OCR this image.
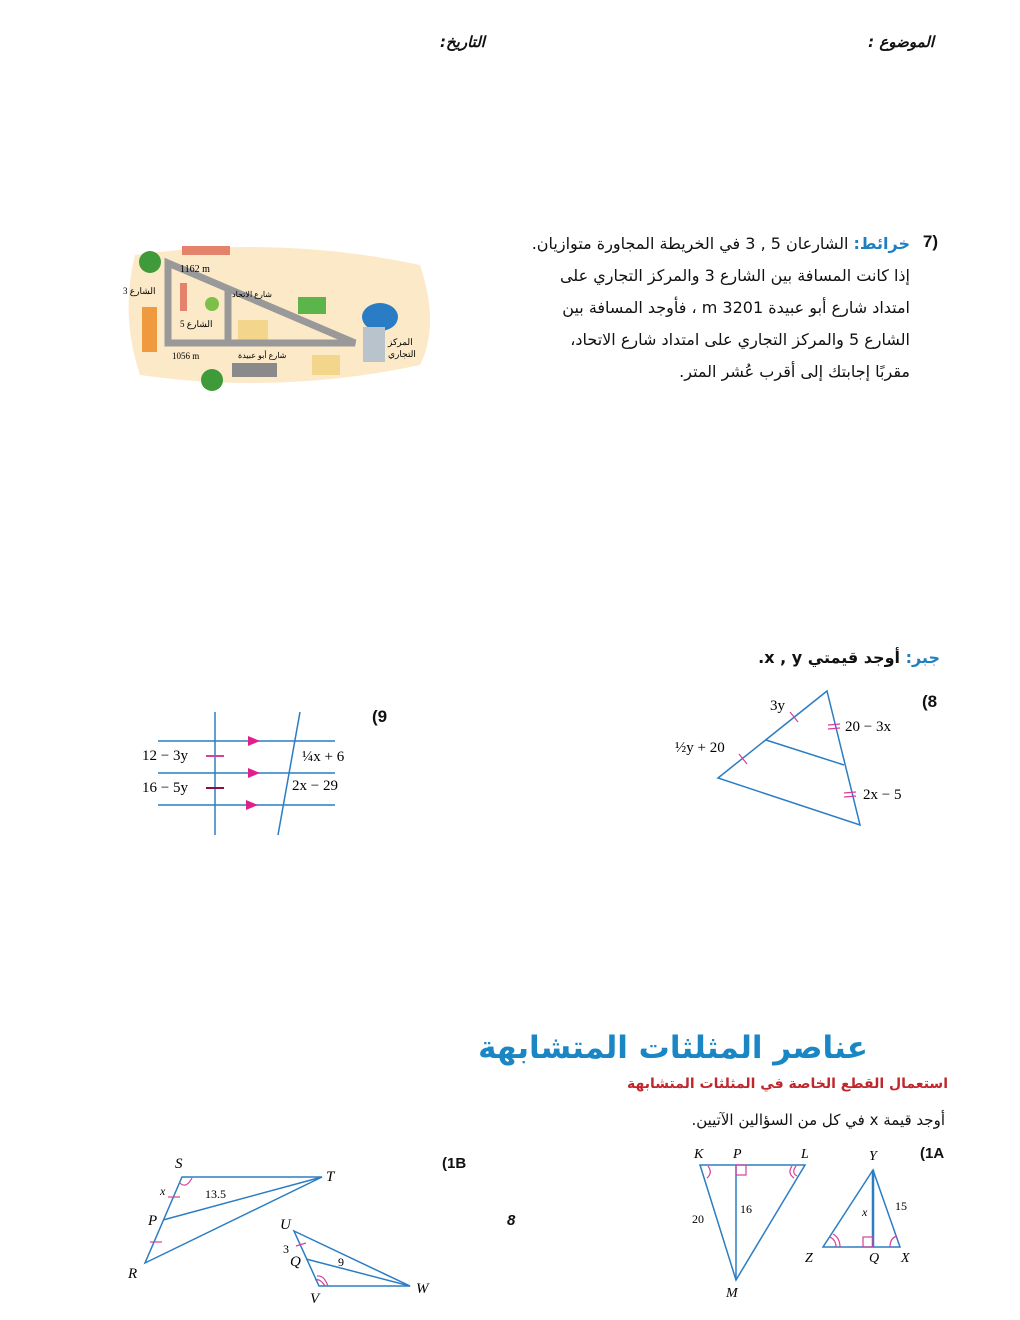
الموضوع :
التاريخ:
7)
خرائط: الشارعان 5 , 3 في الخريطة المجاورة متوازيان.
إذا كانت المسافة بين الشارع 3 والمركز التجاري على
امتداد شارع أبو عبيدة 3201 m ، فأوجد المسافة بين
الشارع 5 والمركز التجاري على امتداد شارع الاتحاد،
مقربًا إجابتك إلى أقرب عُشر المتر.
1162 m
1056 m
الشارع 3
الشارع 5
شارع الاتحاد
شارع أبو عبيدة
المركز
التجاري
جبر: أوجد قيمتي x , y.
(8
3y
½y + 20
20 − 3x
2x − 5
(9
12 − 3y
16 − 5y
¼x + 6
2x − 29
عناصر المثلثات المتشابهة
استعمال القطع الخاصة في المثلثات المتشابهة
أوجد قيمة x في كل من السؤالين الآتيين.
(1A
K P	L
M
Y
Z	Q X
x
16
20
15
(1B
8
S
T
P
R
U
Q
V
W
x	13.5
3
9
